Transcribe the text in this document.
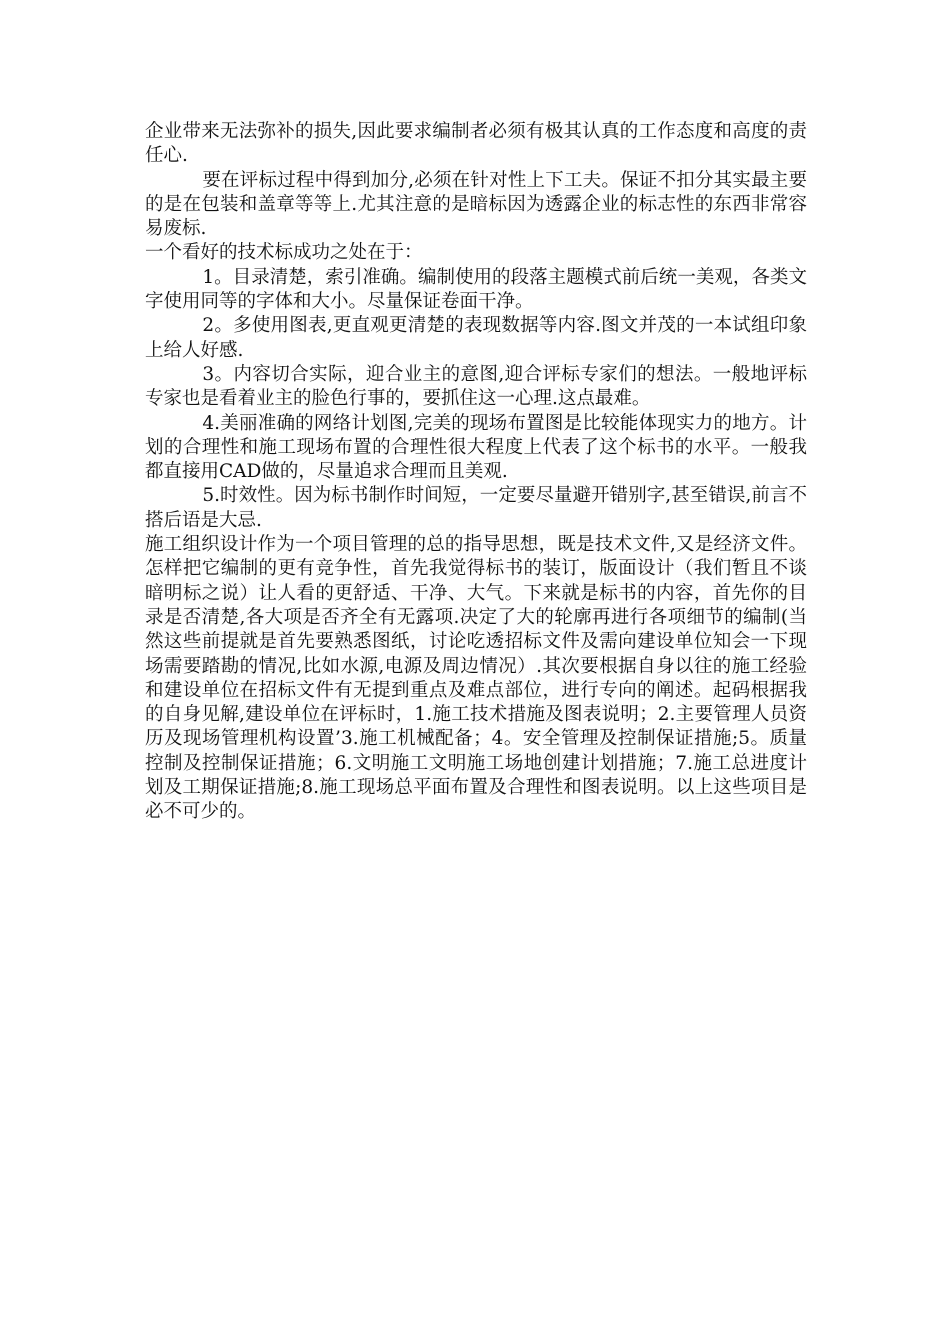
企业带来无法弥补的损失,因此要求编制者必须有极其认真的工作态度和高度的责任心.

要在评标过程中得到加分,必须在针对性上下工夫。保证不扣分其实最主要的是在包装和盖章等等上.尤其注意的是暗标因为透露企业的标志性的东西非常容易废标.

一个看好的技术标成功之处在于：

1。目录清楚，索引准确。编制使用的段落主题模式前后统一美观，各类文字使用同等的字体和大小。尽量保证卷面干净。

2。多使用图表,更直观更清楚的表现数据等内容.图文并茂的一本试组印象上给人好感.

3。内容切合实际，迎合业主的意图,迎合评标专家们的想法。一般地评标专家也是看着业主的脸色行事的，要抓住这一心理.这点最难。

4.美丽准确的网络计划图,完美的现场布置图是比较能体现实力的地方。计划的合理性和施工现场布置的合理性很大程度上代表了这个标书的水平。一般我都直接用CAD做的，尽量追求合理而且美观.

5.时效性。因为标书制作时间短，一定要尽量避开错别字,甚至错误,前言不搭后语是大忌.

施工组织设计作为一个项目管理的总的指导思想，既是技术文件,又是经济文件。怎样把它编制的更有竞争性，首先我觉得标书的装订，版面设计（我们暂且不谈暗明标之说）让人看的更舒适、干净、大气。下来就是标书的内容，首先你的目录是否清楚,各大项是否齐全有无露项.决定了大的轮廓再进行各项细节的编制(当然这些前提就是首先要熟悉图纸，讨论吃透招标文件及需向建设单位知会一下现场需要踏勘的情况,比如水源,电源及周边情况）.其次要根据自身以往的施工经验和建设单位在招标文件有无提到重点及难点部位，进行专向的阐述。起码根据我的自身见解,建设单位在评标时，1.施工技术措施及图表说明；2.主要管理人员资历及现场管理机构设置’3.施工机械配备；4。安全管理及控制保证措施;5。质量控制及控制保证措施；6.文明施工文明施工场地创建计划措施；7.施工总进度计划及工期保证措施;8.施工现场总平面布置及合理性和图表说明。以上这些项目是必不可少的。
